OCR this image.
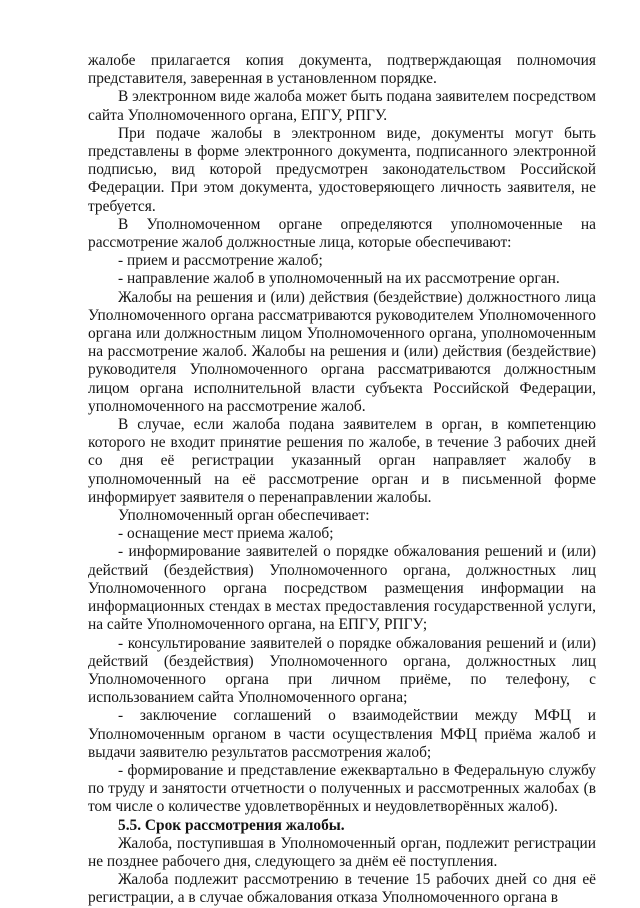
жалобе прилагается копия документа, подтверждающая полномочия представителя, заверенная в установленном порядке.

В электронном виде жалоба может быть подана заявителем посредством сайта Уполномоченного органа, ЕПГУ, РПГУ.

При подаче жалобы в электронном виде, документы могут быть представлены в форме электронного документа, подписанного электронной подписью, вид которой предусмотрен законодательством Российской Федерации. При этом документа, удостоверяющего личность заявителя, не требуется.

В Уполномоченном органе определяются уполномоченные на рассмотрение жалоб должностные лица, которые обеспечивают:

- прием и рассмотрение жалоб;

- направление жалоб в уполномоченный на их рассмотрение орган.

Жалобы на решения и (или) действия (бездействие) должностного лица Уполномоченного органа рассматриваются руководителем Уполномоченного органа или должностным лицом Уполномоченного органа, уполномоченным на рассмотрение жалоб. Жалобы на решения и (или) действия (бездействие) руководителя Уполномоченного органа рассматриваются должностным лицом органа исполнительной власти субъекта Российской Федерации, уполномоченного на рассмотрение жалоб.

В случае, если жалоба подана заявителем в орган, в компетенцию которого не входит принятие решения по жалобе, в течение 3 рабочих дней со дня её регистрации указанный орган направляет жалобу в уполномоченный на её рассмотрение орган и в письменной форме информирует заявителя о перенаправлении жалобы.

Уполномоченный орган обеспечивает:

- оснащение мест приема жалоб;

- информирование заявителей о порядке обжалования решений и (или) действий (бездействия) Уполномоченного органа, должностных лиц Уполномоченного органа посредством размещения информации на информационных стендах в местах предоставления государственной услуги, на сайте Уполномоченного органа, на ЕПГУ, РПГУ;

- консультирование заявителей о порядке обжалования решений и (или) действий (бездействия) Уполномоченного органа, должностных лиц Уполномоченного органа при личном приёме, по телефону, с использованием сайта Уполномоченного органа;

- заключение соглашений о взаимодействии между МФЦ и Уполномоченным органом в части осуществления МФЦ приёма жалоб и выдачи заявителю результатов рассмотрения жалоб;

- формирование и представление ежеквартально в Федеральную службу по труду и занятости отчетности о полученных и рассмотренных жалобах (в том числе о количестве удовлетворённых и неудовлетворённых жалоб).

5.5. Срок рассмотрения жалобы.

Жалоба, поступившая в Уполномоченный орган, подлежит регистрации не позднее рабочего дня, следующего за днём её поступления.

Жалоба подлежит рассмотрению в течение 15 рабочих дней со дня её регистрации, а в случае обжалования отказа Уполномоченного органа в
